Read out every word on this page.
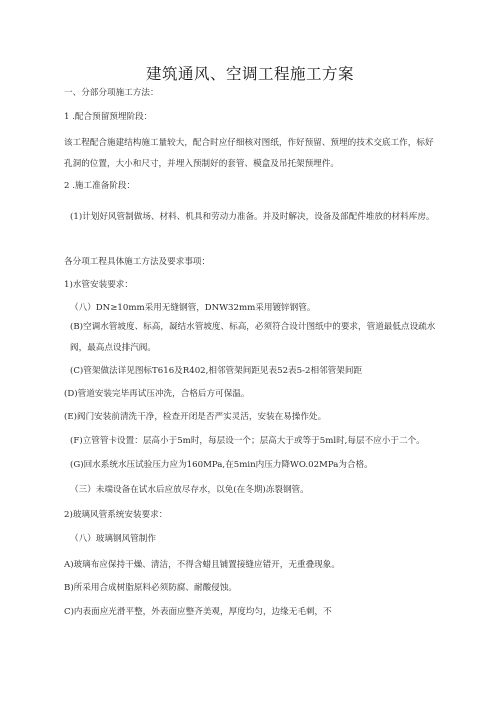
建筑通风、空调工程施工方案
一、分部分项施工方法：
1 .配合预留预埋阶段：
该工程配合施建结构施工量较大，配合时应仔细核对图纸，作好预留、预埋的技术交底工作，标好孔洞的位置，大小和尺寸，并埋入预制好的套管、模盒及吊托架预埋件。
2 .施工准备阶段：
(1)计划好风管制做场、材料、机具和劳动力准备。并及时解决，设备及部配件堆放的材料库房。
各分项工程具体施工方法及要求事项：
1)水管安装要求：
（八）DN≥10mm采用无缝钢管，DNW32mm采用镀锌钢管。
(B)空调水管坡度、标高，凝结水管坡度、标高，必须符合设计图纸中的要求，管道最低点设疏水阀，最高点设排汽阀。
(C)管架做法详见图标T616及R402,相邻管架间距见表52表5-2相邻管架间距
(D)管道安装完毕再试压冲洗，合格后方可保温。
(E)阀门安装前清洗干净，检查开闭是否严实灵活，安装在易操作处。
(F)立管管卡设置：层高小于5m时，每层设一个；层高大于或等于5ml时,每层不应小于二个。
(G)回水系统水压试验压力应为160MPa,在5min内压力降WO.02MPa为合格。
（三）未端设备在试水后应放尽存水，以免(在冬期)冻裂钢管。
2)玻璃风管系统安装要求：
（八）玻璃钢风管制作
A)玻璃布应保持干燥、清洁，不得含蜡且铺置接缝应错开，无重叠现象。
B)所采用合成树脂原料必须防腐、耐酸侵蚀。
C)内表面应光滑平整，外表面应整齐美观，厚度均匀，边缘无毛刺，不
